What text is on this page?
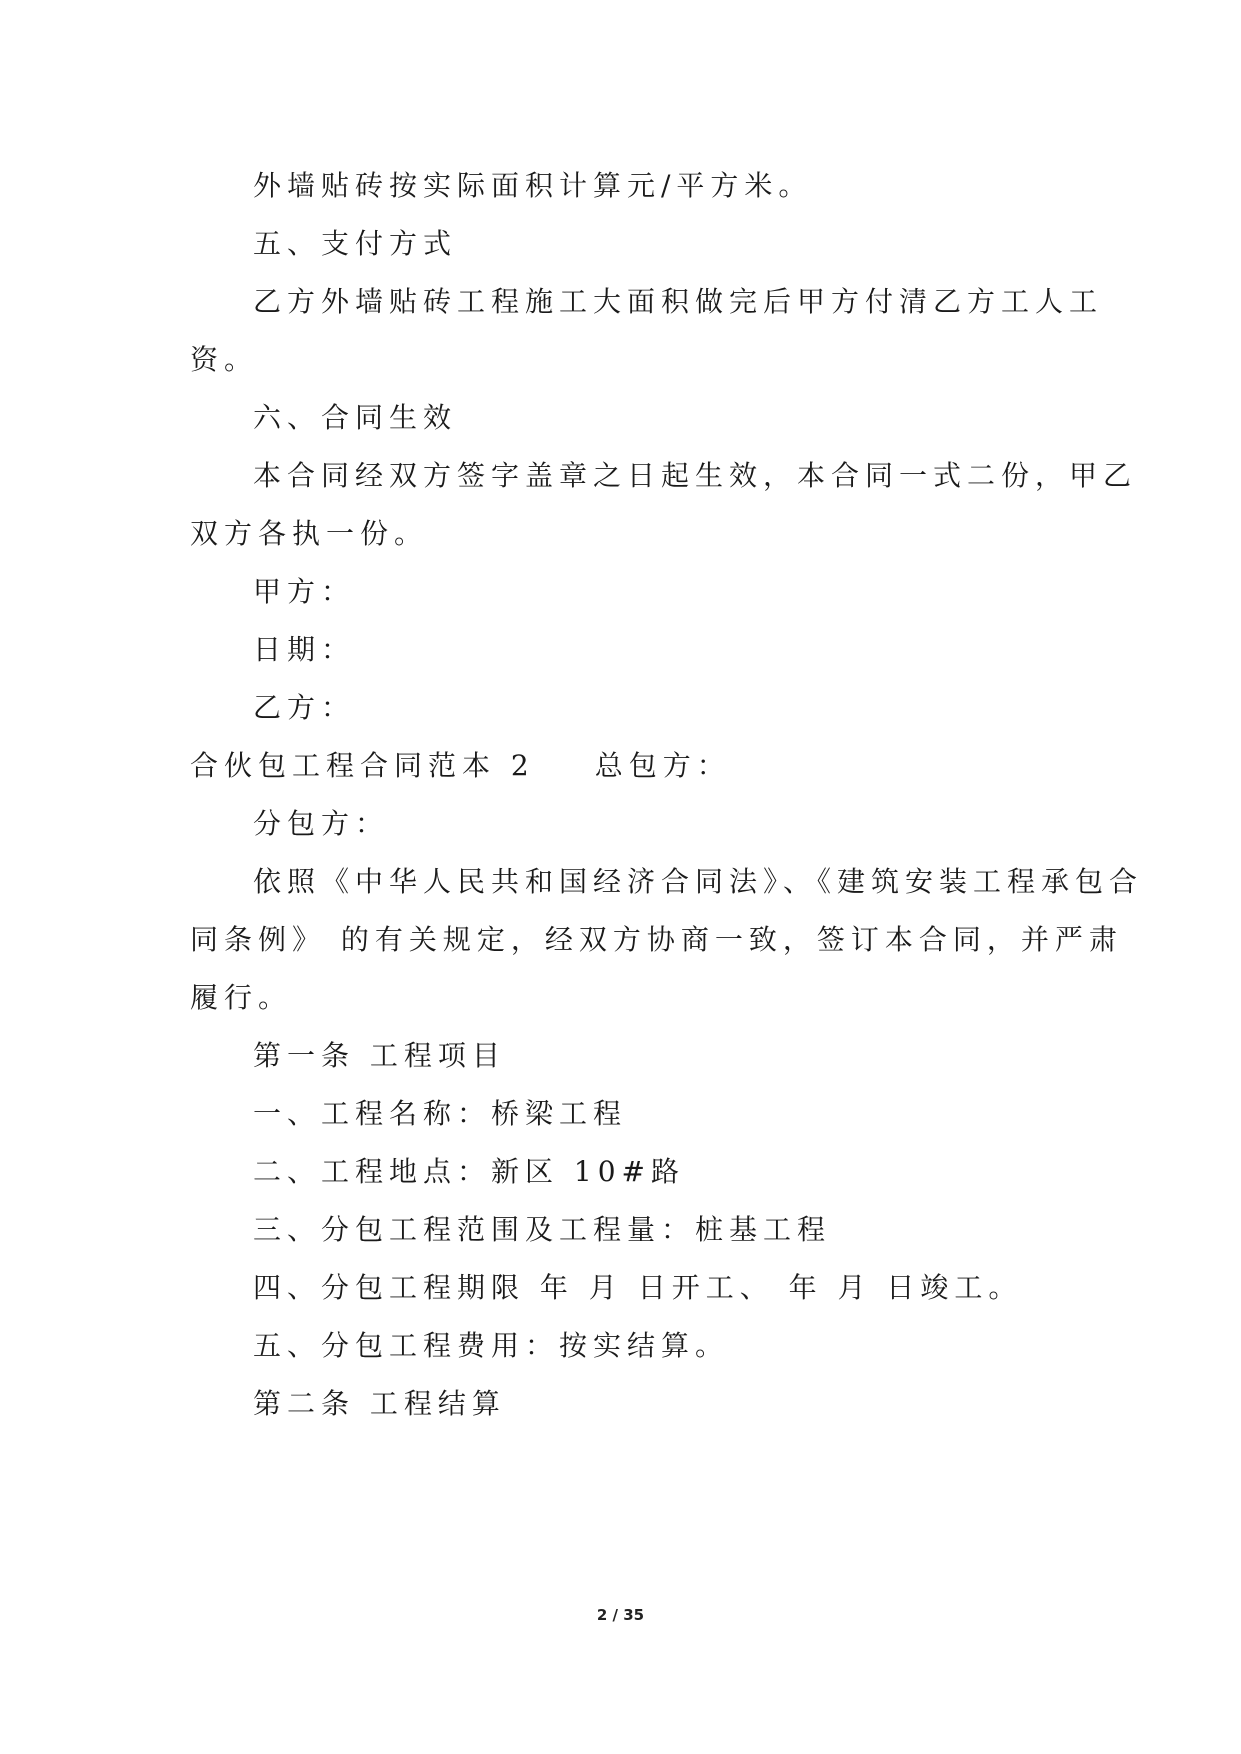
外墙贴砖按实际面积计算元/平方米。
五、支付方式
乙方外墙贴砖工程施工大面积做完后甲方付清乙方工人工
资。
六、合同生效
本合同经双方签字盖章之日起生效，本合同一式二份，甲乙
双方各执一份。
甲方：
日期：
乙方：
合伙包工程合同范本 2 总包方：
分包方：
依照《中华人民共和国经济合同法》、《建筑安装工程承包合
同条例》 的有关规定，经双方协商一致，签订本合同，并严肃
履行。
第一条 工程项目
一、工程名称：桥梁工程
二、工程地点：新区 10#路
三、分包工程范围及工程量：桩基工程
四、分包工程期限 年 月 日开工、 年 月 日竣工。
五、分包工程费用：按实结算。
第二条 工程结算
2 / 35
